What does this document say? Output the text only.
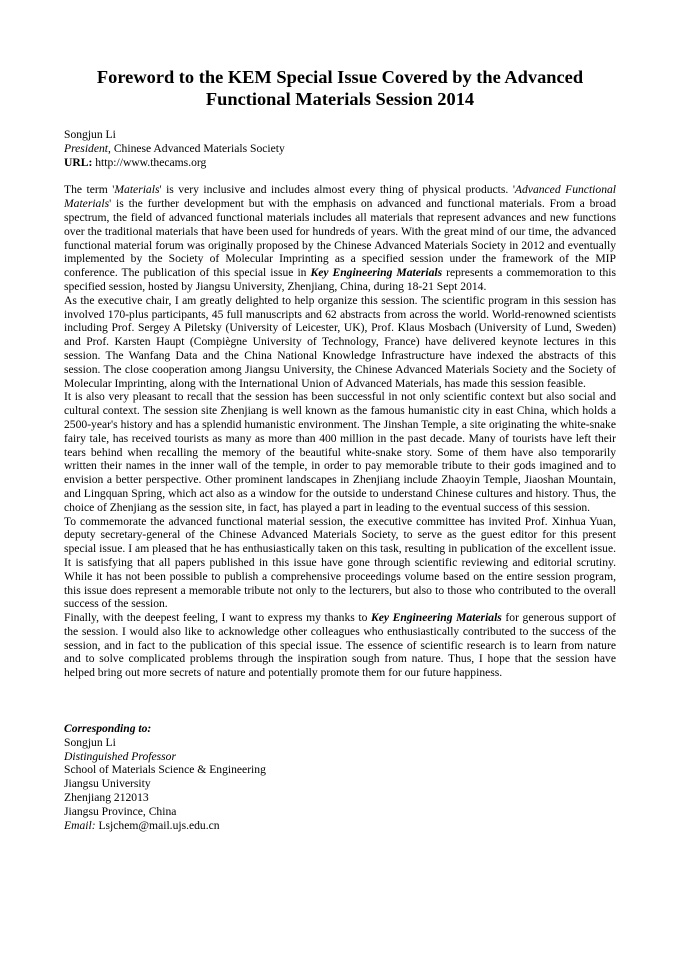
Foreword to the KEM Special Issue Covered by the Advanced
Functional Materials Session 2014
Songjun Li
President, Chinese Advanced Materials Society
URL: http://www.thecams.org

The term 'Materials' is very inclusive and includes almost every thing of physical products. 'Advanced Functional Materials' is the further development but with the emphasis on advanced and functional materials. From a broad spectrum, the field of advanced functional materials includes all materials that represent advances and new functions over the traditional materials that have been used for hundreds of years. With the great mind of our time, the advanced functional material forum was originally proposed by the Chinese Advanced Materials Society in 2012 and eventually implemented by the Society of Molecular Imprinting as a specified session under the framework of the MIP conference. The publication of this special issue in Key Engineering Materials represents a commemoration to this specified session, hosted by Jiangsu University, Zhenjiang, China, during 18-21 Sept 2014.

As the executive chair, I am greatly delighted to help organize this session. The scientific program in this session has involved 170-plus participants, 45 full manuscripts and 62 abstracts from across the world. World-renowned scientists including Prof. Sergey A Piletsky (University of Leicester, UK), Prof. Klaus Mosbach (University of Lund, Sweden) and Prof. Karsten Haupt (Compiègne University of Technology, France) have delivered keynote lectures in this session. The Wanfang Data and the China National Knowledge Infrastructure have indexed the abstracts of this session. The close cooperation among Jiangsu University, the Chinese Advanced Materials Society and the Society of Molecular Imprinting, along with the International Union of Advanced Materials, has made this session feasible.

It is also very pleasant to recall that the session has been successful in not only scientific context but also social and cultural context. The session site Zhenjiang is well known as the famous humanistic city in east China, which holds a 2500-year's history and has a splendid humanistic environment. The Jinshan Temple, a site originating the white-snake fairy tale, has received tourists as many as more than 400 million in the past decade. Many of tourists have left their tears behind when recalling the memory of the beautiful white-snake story. Some of them have also temporarily written their names in the inner wall of the temple, in order to pay memorable tribute to their gods imagined and to envision a better perspective. Other prominent landscapes in Zhenjiang include Zhaoyin Temple, Jiaoshan Mountain, and Lingquan Spring, which act also as a window for the outside to understand Chinese cultures and history. Thus, the choice of Zhenjiang as the session site, in fact, has played a part in leading to the eventual success of this session.

To commemorate the advanced functional material session, the executive committee has invited Prof. Xinhua Yuan, deputy secretary-general of the Chinese Advanced Materials Society, to serve as the guest editor for this present special issue. I am pleased that he has enthusiastically taken on this task, resulting in publication of the excellent issue. It is satisfying that all papers published in this issue have gone through scientific reviewing and editorial scrutiny. While it has not been possible to publish a comprehensive proceedings volume based on the entire session program, this issue does represent a memorable tribute not only to the lecturers, but also to those who contributed to the overall success of the session.

Finally, with the deepest feeling, I want to express my thanks to Key Engineering Materials for generous support of the session. I would also like to acknowledge other colleagues who enthusiastically contributed to the success of the session, and in fact to the publication of this special issue. The essence of scientific research is to learn from nature and to solve complicated problems through the inspiration sough from nature. Thus, I hope that the session have helped bring out more secrets of nature and potentially promote them for our future happiness.

Corresponding to:
Songjun Li
Distinguished Professor
School of Materials Science & Engineering
Jiangsu University
Zhenjiang 212013
Jiangsu Province, China
Email: Lsjchem@mail.ujs.edu.cn
